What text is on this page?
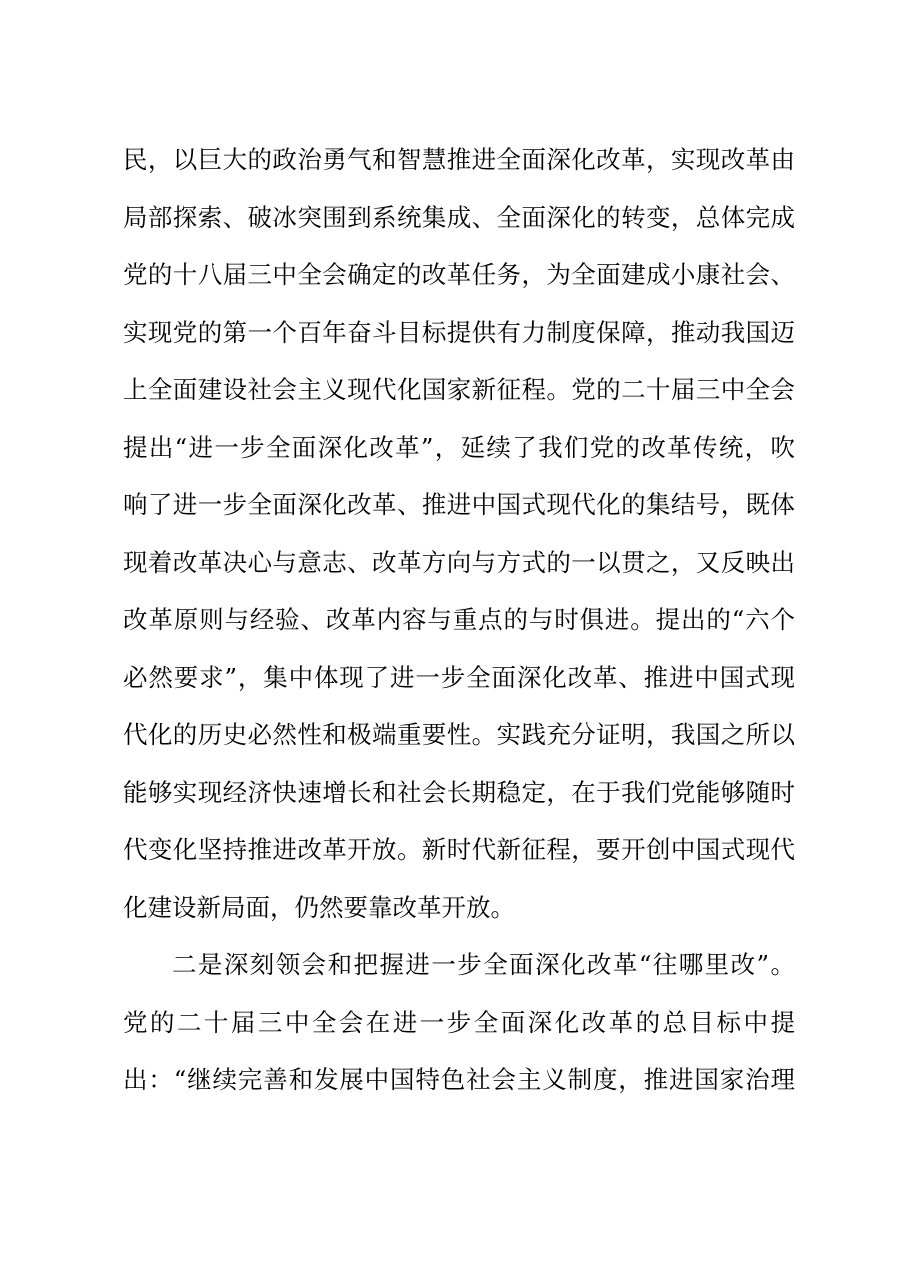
民，以巨大的政治勇气和智慧推进全面深化改革，实现改革由
局部探索、破冰突围到系统集成、全面深化的转变，总体完成
党的十八届三中全会确定的改革任务，为全面建成小康社会、
实现党的第一个百年奋斗目标提供有力制度保障，推动我国迈
上全面建设社会主义现代化国家新征程。党的二十届三中全会
提出“进一步全面深化改革”，延续了我们党的改革传统，吹
响了进一步全面深化改革、推进中国式现代化的集结号，既体
现着改革决心与意志、改革方向与方式的一以贯之，又反映出
改革原则与经验、改革内容与重点的与时俱进。提出的“六个
必然要求”，集中体现了进一步全面深化改革、推进中国式现
代化的历史必然性和极端重要性。实践充分证明，我国之所以
能够实现经济快速增长和社会长期稳定，在于我们党能够随时
代变化坚持推进改革开放。新时代新征程，要开创中国式现代
化建设新局面，仍然要靠改革开放。
二是深刻领会和把握进一步全面深化改革“往哪里改”。
党的二十届三中全会在进一步全面深化改革的总目标中提
出：“继续完善和发展中国特色社会主义制度，推进国家治理
